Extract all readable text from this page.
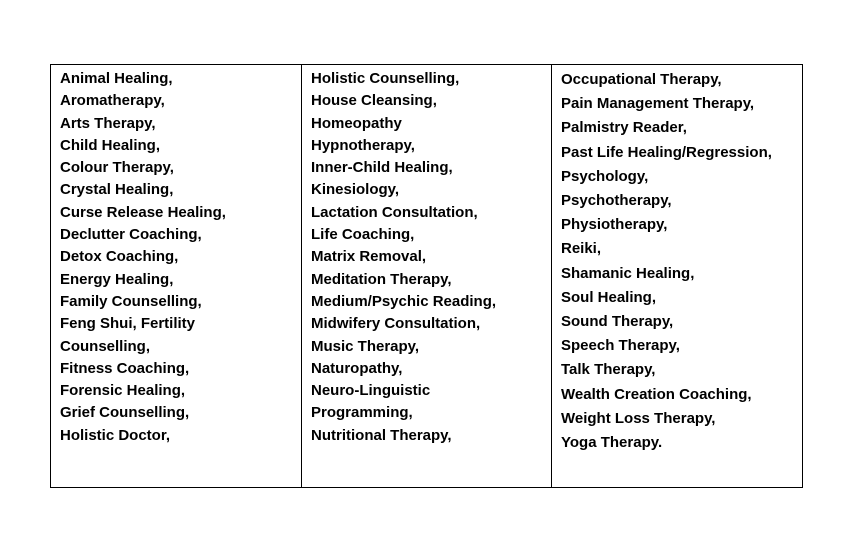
Animal Healing,
Aromatherapy,
Arts Therapy,
Child Healing,
Colour Therapy,
Crystal Healing,
Curse Release Healing,
Declutter Coaching,
Detox Coaching,
Energy Healing,
Family Counselling,
Feng Shui, Fertility
Counselling,
Fitness Coaching,
Forensic Healing,
Grief Counselling,
Holistic Doctor,
Holistic Counselling,
House Cleansing,
Homeopathy
Hypnotherapy,
Inner-Child Healing,
Kinesiology,
Lactation Consultation,
Life Coaching,
Matrix Removal,
Meditation Therapy,
Medium/Psychic Reading,
Midwifery Consultation,
Music Therapy,
Naturopathy,
Neuro-Linguistic
Programming,
Nutritional Therapy,
Occupational Therapy,
Pain Management Therapy,
Palmistry Reader,
Past Life Healing/Regression,
Psychology,
Psychotherapy,
Physiotherapy,
Reiki,
Shamanic Healing,
Soul Healing,
Sound Therapy,
Speech Therapy,
Talk Therapy,
Wealth Creation Coaching,
Weight Loss Therapy,
Yoga Therapy.
